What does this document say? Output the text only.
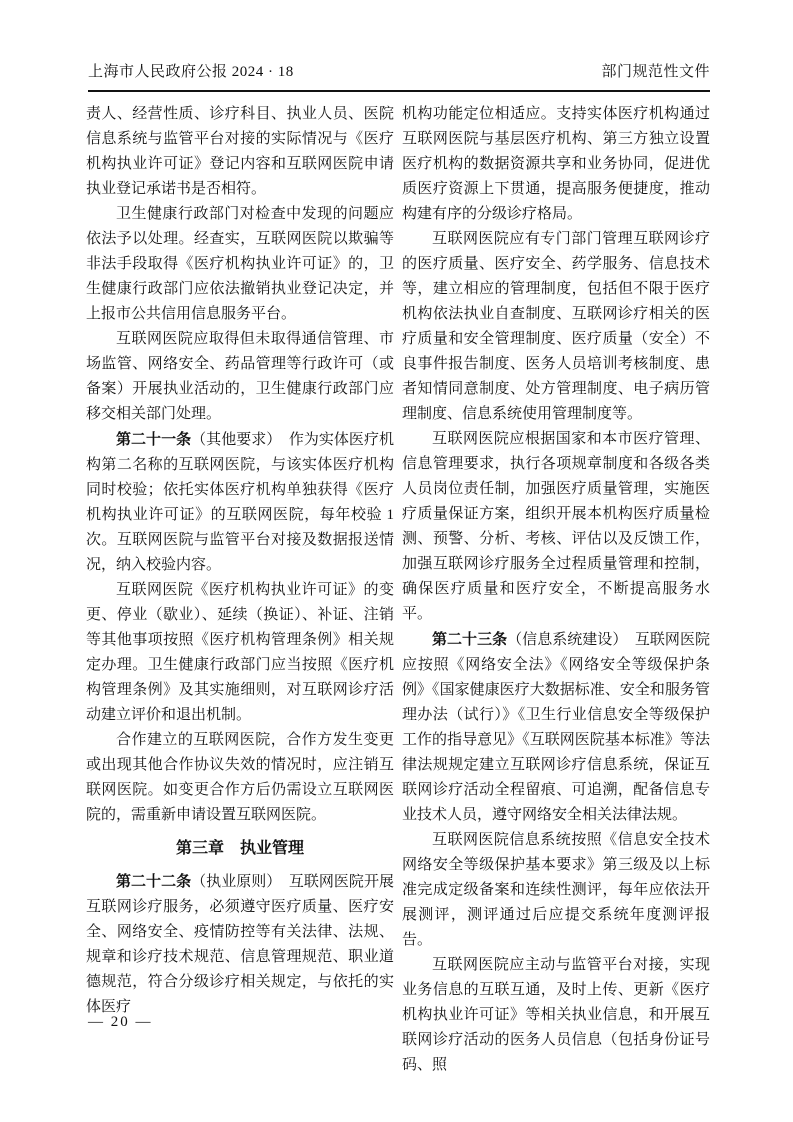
上海市人民政府公报 2024 · 18	部门规范性文件

责人、经营性质、诊疗科目、执业人员、医院信息系统与监管平台对接的实际情况与《医疗机构执业许可证》登记内容和互联网医院申请执业登记承诺书是否相符。

卫生健康行政部门对检查中发现的问题应依法予以处理。经查实，互联网医院以欺骗等非法手段取得《医疗机构执业许可证》的，卫生健康行政部门应依法撤销执业登记决定，并上报市公共信用信息服务平台。

互联网医院应取得但未取得通信管理、市场监管、网络安全、药品管理等行政许可（或备案）开展执业活动的，卫生健康行政部门应移交相关部门处理。

第二十一条（其他要求）　作为实体医疗机构第二名称的互联网医院，与该实体医疗机构同时校验；依托实体医疗机构单独获得《医疗机构执业许可证》的互联网医院，每年校验 1 次。互联网医院与监管平台对接及数据报送情况，纳入校验内容。

互联网医院《医疗机构执业许可证》的变更、停业（歇业）、延续（换证）、补证、注销等其他事项按照《医疗机构管理条例》相关规定办理。卫生健康行政部门应当按照《医疗机构管理条例》及其实施细则，对互联网诊疗活动建立评价和退出机制。

合作建立的互联网医院，合作方发生变更或出现其他合作协议失效的情况时，应注销互联网医院。如变更合作方后仍需设立互联网医院的，需重新申请设置互联网医院。

第三章　执业管理

第二十二条（执业原则）　互联网医院开展互联网诊疗服务，必须遵守医疗质量、医疗安全、网络安全、疫情防控等有关法律、法规、规章和诊疗技术规范、信息管理规范、职业道德规范，符合分级诊疗相关规定，与依托的实体医疗

机构功能定位相适应。支持实体医疗机构通过互联网医院与基层医疗机构、第三方独立设置医疗机构的数据资源共享和业务协同，促进优质医疗资源上下贯通，提高服务便捷度，推动构建有序的分级诊疗格局。

互联网医院应有专门部门管理互联网诊疗的医疗质量、医疗安全、药学服务、信息技术等，建立相应的管理制度，包括但不限于医疗机构依法执业自查制度、互联网诊疗相关的医疗质量和安全管理制度、医疗质量（安全）不良事件报告制度、医务人员培训考核制度、患者知情同意制度、处方管理制度、电子病历管理制度、信息系统使用管理制度等。

互联网医院应根据国家和本市医疗管理、信息管理要求，执行各项规章制度和各级各类人员岗位责任制，加强医疗质量管理，实施医疗质量保证方案，组织开展本机构医疗质量检测、预警、分析、考核、评估以及反馈工作，加强互联网诊疗服务全过程质量管理和控制，确保医疗质量和医疗安全，不断提高服务水平。

第二十三条（信息系统建设）　互联网医院应按照《网络安全法》《网络安全等级保护条例》《国家健康医疗大数据标准、安全和服务管理办法（试行）》《卫生行业信息安全等级保护工作的指导意见》《互联网医院基本标准》等法律法规规定建立互联网诊疗信息系统，保证互联网诊疗活动全程留痕、可追溯，配备信息专业技术人员，遵守网络安全相关法律法规。

互联网医院信息系统按照《信息安全技术网络安全等级保护基本要求》第三级及以上标准完成定级备案和连续性测评，每年应依法开展测评，测评通过后应提交系统年度测评报告。

互联网医院应主动与监管平台对接，实现业务信息的互联互通，及时上传、更新《医疗机构执业许可证》等相关执业信息，和开展互联网诊疗活动的医务人员信息（包括身份证号码、照

— 20 —
